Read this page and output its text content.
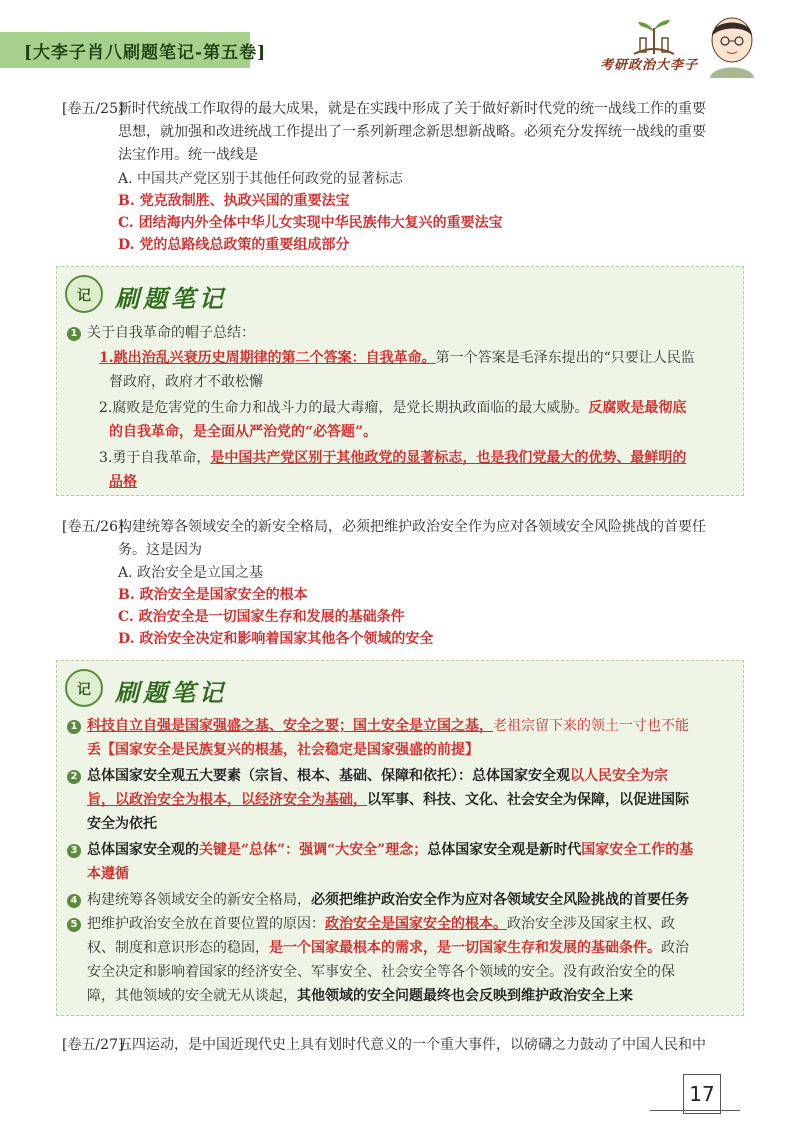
[大李子肖八刷题笔记-第五卷]
考研政治大李子
[卷五/25]新时代统战工作取得的最大成果，就是在实践中形成了关于做好新时代党的统一战线工作的重要
思想，就加强和改进统战工作提出了一系列新理念新思想新战略。必须充分发挥统一战线的重要
法宝作用。统一战线是
A. 中国共产党区别于其他任何政党的显著标志
B. 党克敌制胜、执政兴国的重要法宝
C. 团结海内外全体中华儿女实现中华民族伟大复兴的重要法宝
D. 党的总路线总政策的重要组成部分
记	刷题笔记
1 关于自我革命的帽子总结：
1.跳出治乱兴衰历史周期律的第二个答案：自我革命。第一个答案是毛泽东提出的“只要让人民监
督政府，政府才不敢松懈
2.腐败是危害党的生命力和战斗力的最大毒瘤，是党长期执政面临的最大威胁。反腐败是最彻底
的自我革命，是全面从严治党的“必答题”。
3.勇于自我革命，是中国共产党区别于其他政党的显著标志，也是我们党最大的优势、最鲜明的
品格
[卷五/26]构建统筹各领域安全的新安全格局，必须把维护政治安全作为应对各领域安全风险挑战的首要任
务。这是因为
A. 政治安全是立国之基
B. 政治安全是国家安全的根本
C. 政治安全是一切国家生存和发展的基础条件
D. 政治安全决定和影响着国家其他各个领域的安全
记	刷题笔记
1 科技自立自强是国家强盛之基、安全之要；国土安全是立国之基，老祖宗留下来的领土一寸也不能
丢【国家安全是民族复兴的根基，社会稳定是国家强盛的前提】
2 总体国家安全观五大要素（宗旨、根本、基础、保障和依托）：总体国家安全观以人民安全为宗
旨，以政治安全为根本，以经济安全为基础，以军事、科技、文化、社会安全为保障，以促进国际
安全为依托
3 总体国家安全观的关键是“总体”：强调“大安全”理念；总体国家安全观是新时代国家安全工作的基
本遵循
4 构建统筹各领域安全的新安全格局，必须把维护政治安全作为应对各领域安全风险挑战的首要任务
5 把维护政治安全放在首要位置的原因：政治安全是国家安全的根本。政治安全涉及国家主权、政
权、制度和意识形态的稳固，是一个国家最根本的需求，是一切国家生存和发展的基础条件。政治
安全决定和影响着国家的经济安全、军事安全、社会安全等各个领域的安全。没有政治安全的保
障，其他领域的安全就无从谈起，其他领域的安全问题最终也会反映到维护政治安全上来
[卷五/27]五四运动，是中国近现代史上具有划时代意义的一个重大事件，以磅礴之力鼓动了中国人民和中
17
